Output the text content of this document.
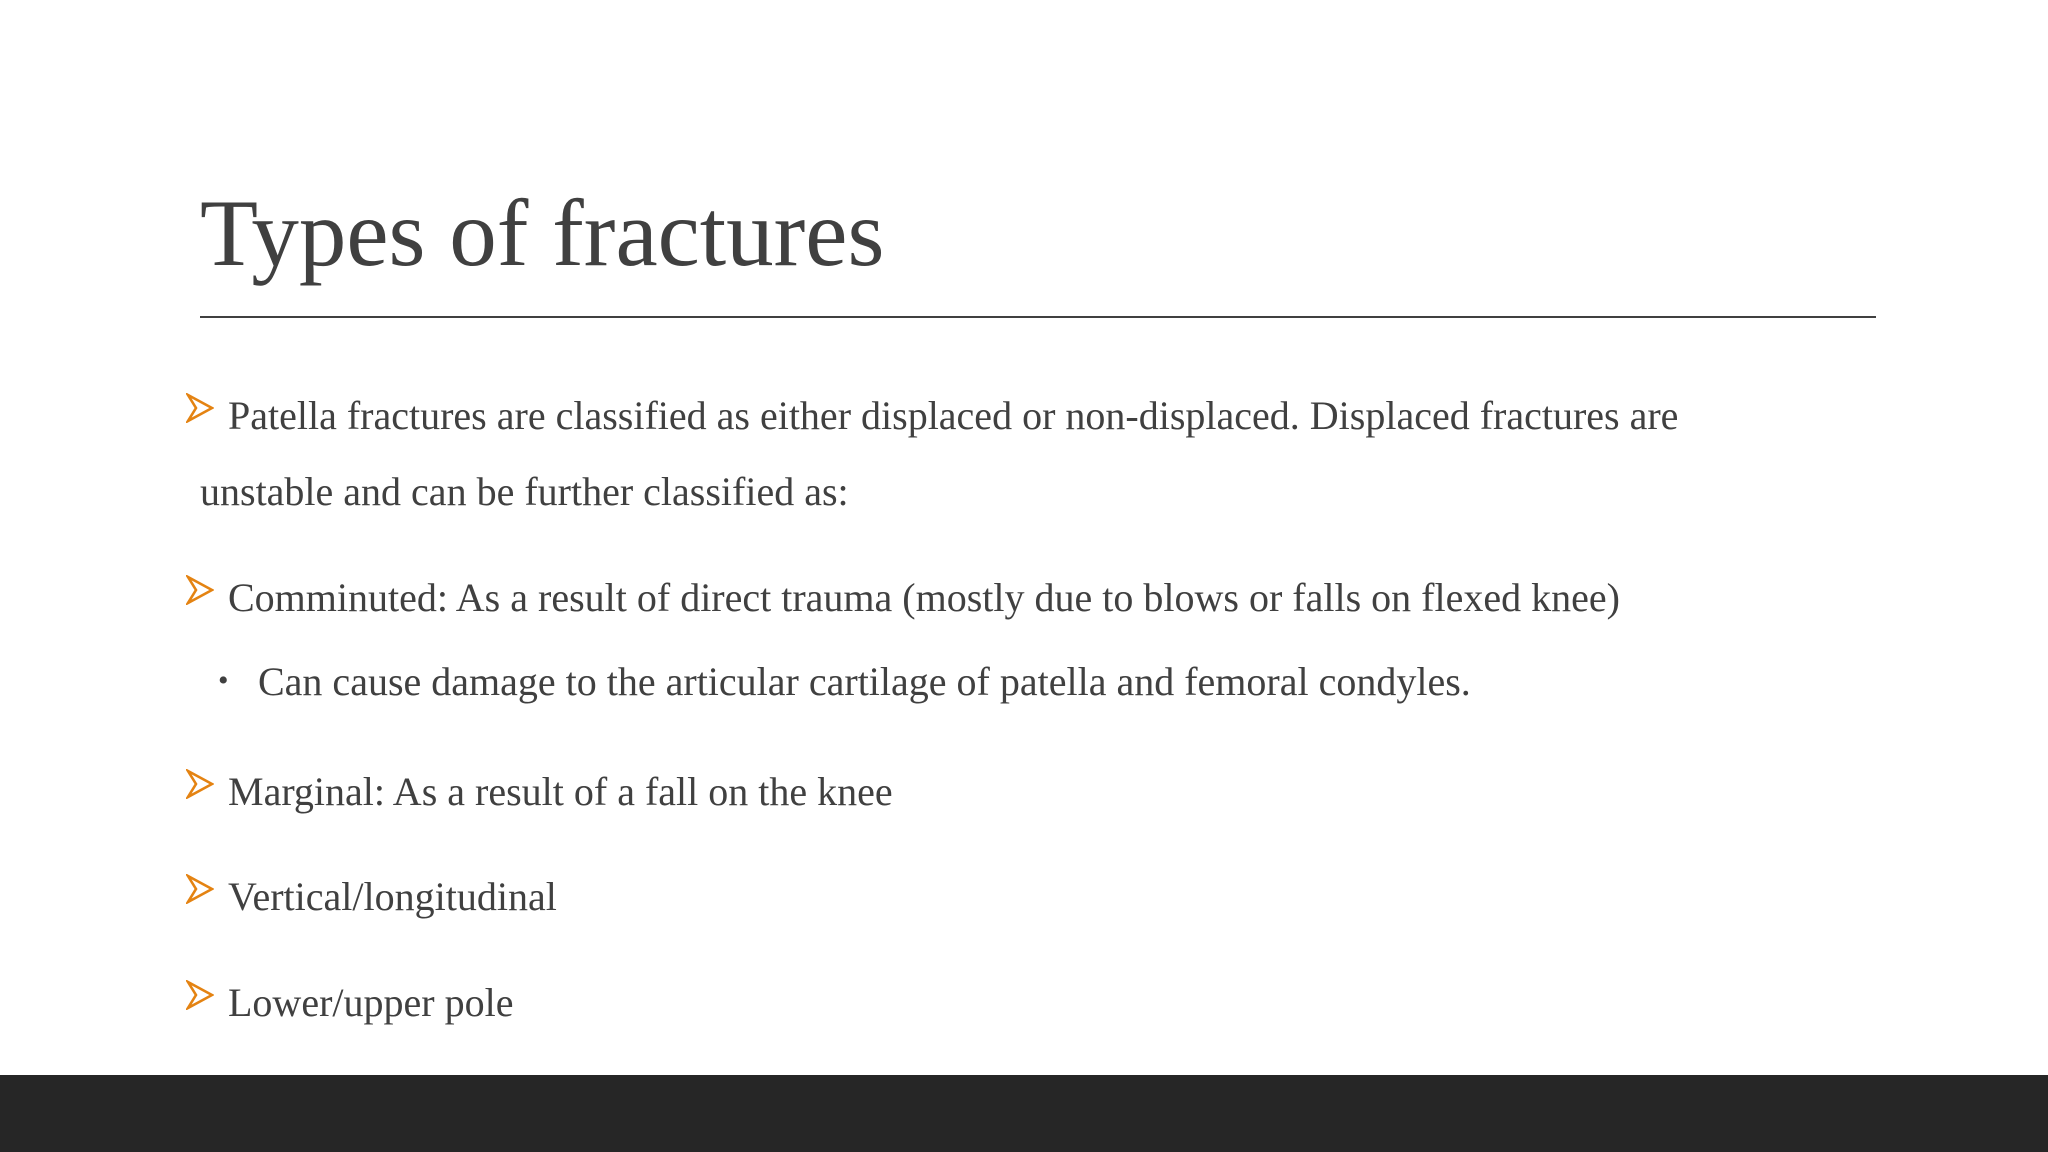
Types of fractures
Patella fractures are classified as either displaced or non-displaced. Displaced fractures are
unstable and can be further classified as:
Comminuted: As a result of direct trauma (mostly due to blows or falls on flexed knee)
• Can cause damage to the articular cartilage of patella and femoral condyles.
Marginal: As a result of a fall on the knee
Vertical/longitudinal
Lower/upper pole
